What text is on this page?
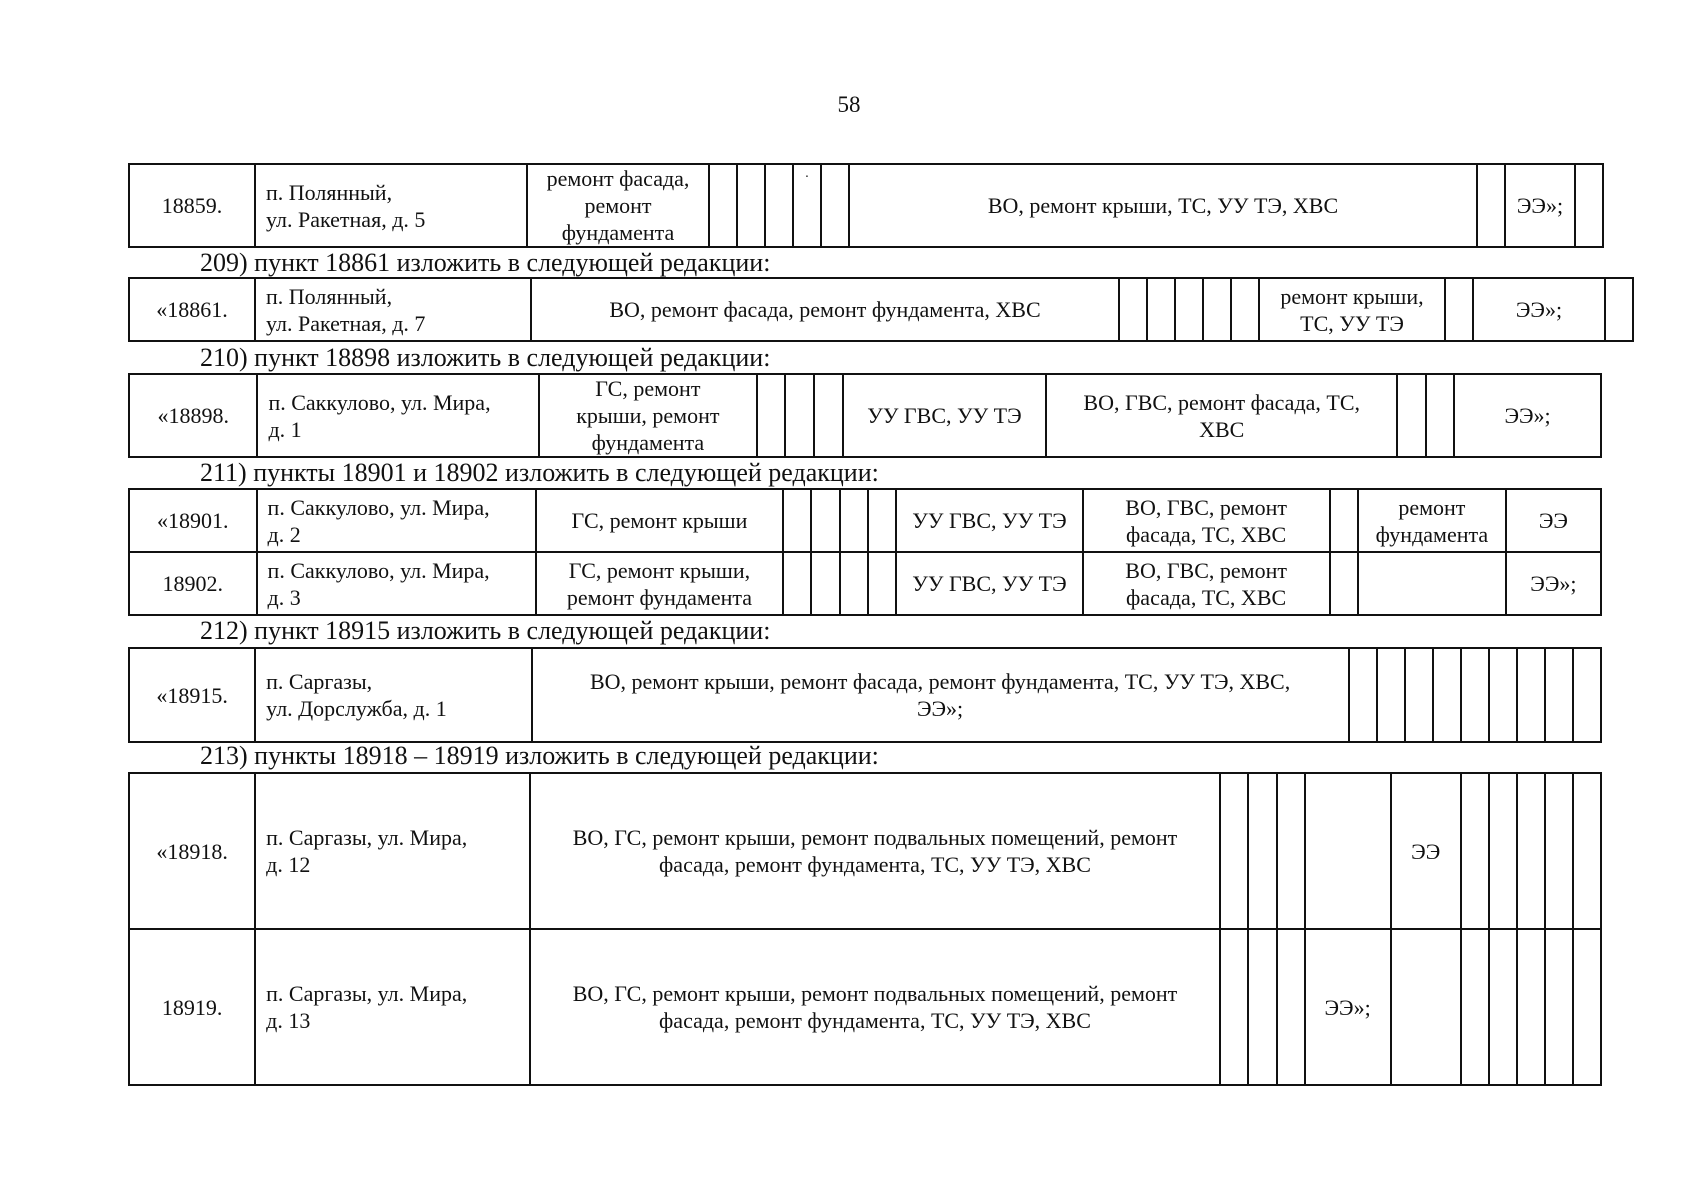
58
18859.	п. Полянный,
ул. Ракетная, д. 5	ремонт фасада,
ремонт
фундамента				·		ВО, ремонт крыши, ТС, УУ ТЭ, ХВС		ЭЭ»;	
209) пункт 18861 изложить в следующей редакции:
«18861.	п. Полянный,
ул. Ракетная, д. 7	ВО, ремонт фасада, ремонт фундамента, ХВС						ремонт крыши,
ТС, УУ ТЭ		ЭЭ»;	
210) пункт 18898 изложить в следующей редакции:
«18898.	п. Саккулово, ул. Мира,
д. 1	ГС, ремонт
крыши, ремонт
фундамента				УУ ГВС, УУ ТЭ	ВО, ГВС, ремонт фасада, ТС,
ХВС			ЭЭ»;
211) пункты 18901 и 18902 изложить в следующей редакции:
«18901.	п. Саккулово, ул. Мира,
д. 2	ГС, ремонт крыши					УУ ГВС, УУ ТЭ	ВО, ГВС, ремонт
фасада, ТС, ХВС		ремонт
фундамента	ЭЭ
18902.	п. Саккулово, ул. Мира,
д. 3	ГС, ремонт крыши,
ремонт фундамента					УУ ГВС, УУ ТЭ	ВО, ГВС, ремонт
фасада, ТС, ХВС			ЭЭ»;
212) пункт 18915 изложить в следующей редакции:
«18915.	п. Саргазы,
ул. Дорслужба, д. 1	ВО, ремонт крыши, ремонт фасада, ремонт фундамента, ТС, УУ ТЭ, ХВС,
ЭЭ»;									
213) пункты 18918 – 18919 изложить в следующей редакции:
«18918.	п. Саргазы, ул. Мира,
д. 12	ВО, ГС, ремонт крыши, ремонт подвальных помещений, ремонт
фасада, ремонт фундамента, ТС, УУ ТЭ, ХВС					ЭЭ					
18919.	п. Саргазы, ул. Мира,
д. 13	ВО, ГС, ремонт крыши, ремонт подвальных помещений, ремонт
фасада, ремонт фундамента, ТС, УУ ТЭ, ХВС				ЭЭ»;						
